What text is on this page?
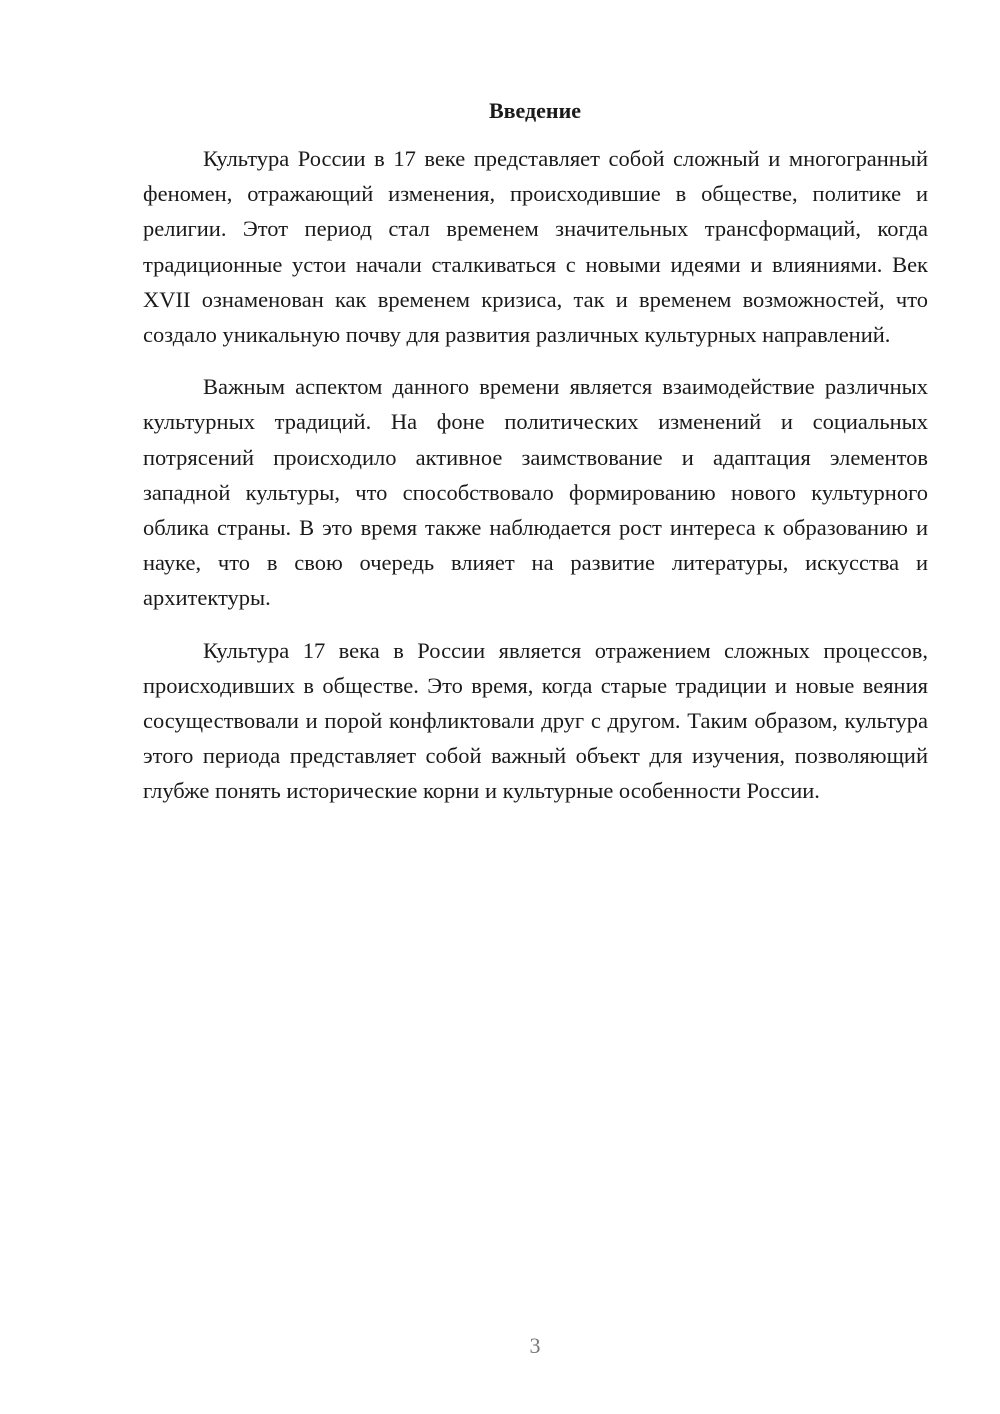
Введение

Культура России в 17 веке представляет собой сложный и многогранный феномен, отражающий изменения, происходившие в обществе, политике и религии. Этот период стал временем значительных трансформаций, когда традиционные устои начали сталкиваться с новыми идеями и влияниями. Век XVII ознаменован как временем кризиса, так и временем возможностей, что создало уникальную почву для развития различных культурных направлений.

Важным аспектом данного времени является взаимодействие различных культурных традиций. На фоне политических изменений и социальных потрясений происходило активное заимствование и адаптация элементов западной культуры, что способствовало формированию нового культурного облика страны. В это время также наблюдается рост интереса к образованию и науке, что в свою очередь влияет на развитие литературы, искусства и архитектуры.

Культура 17 века в России является отражением сложных процессов, происходивших в обществе. Это время, когда старые традиции и новые веяния сосуществовали и порой конфликтовали друг с другом. Таким образом, культура этого периода представляет собой важный объект для изучения, позволяющий глубже понять исторические корни и культурные особенности России.

3
